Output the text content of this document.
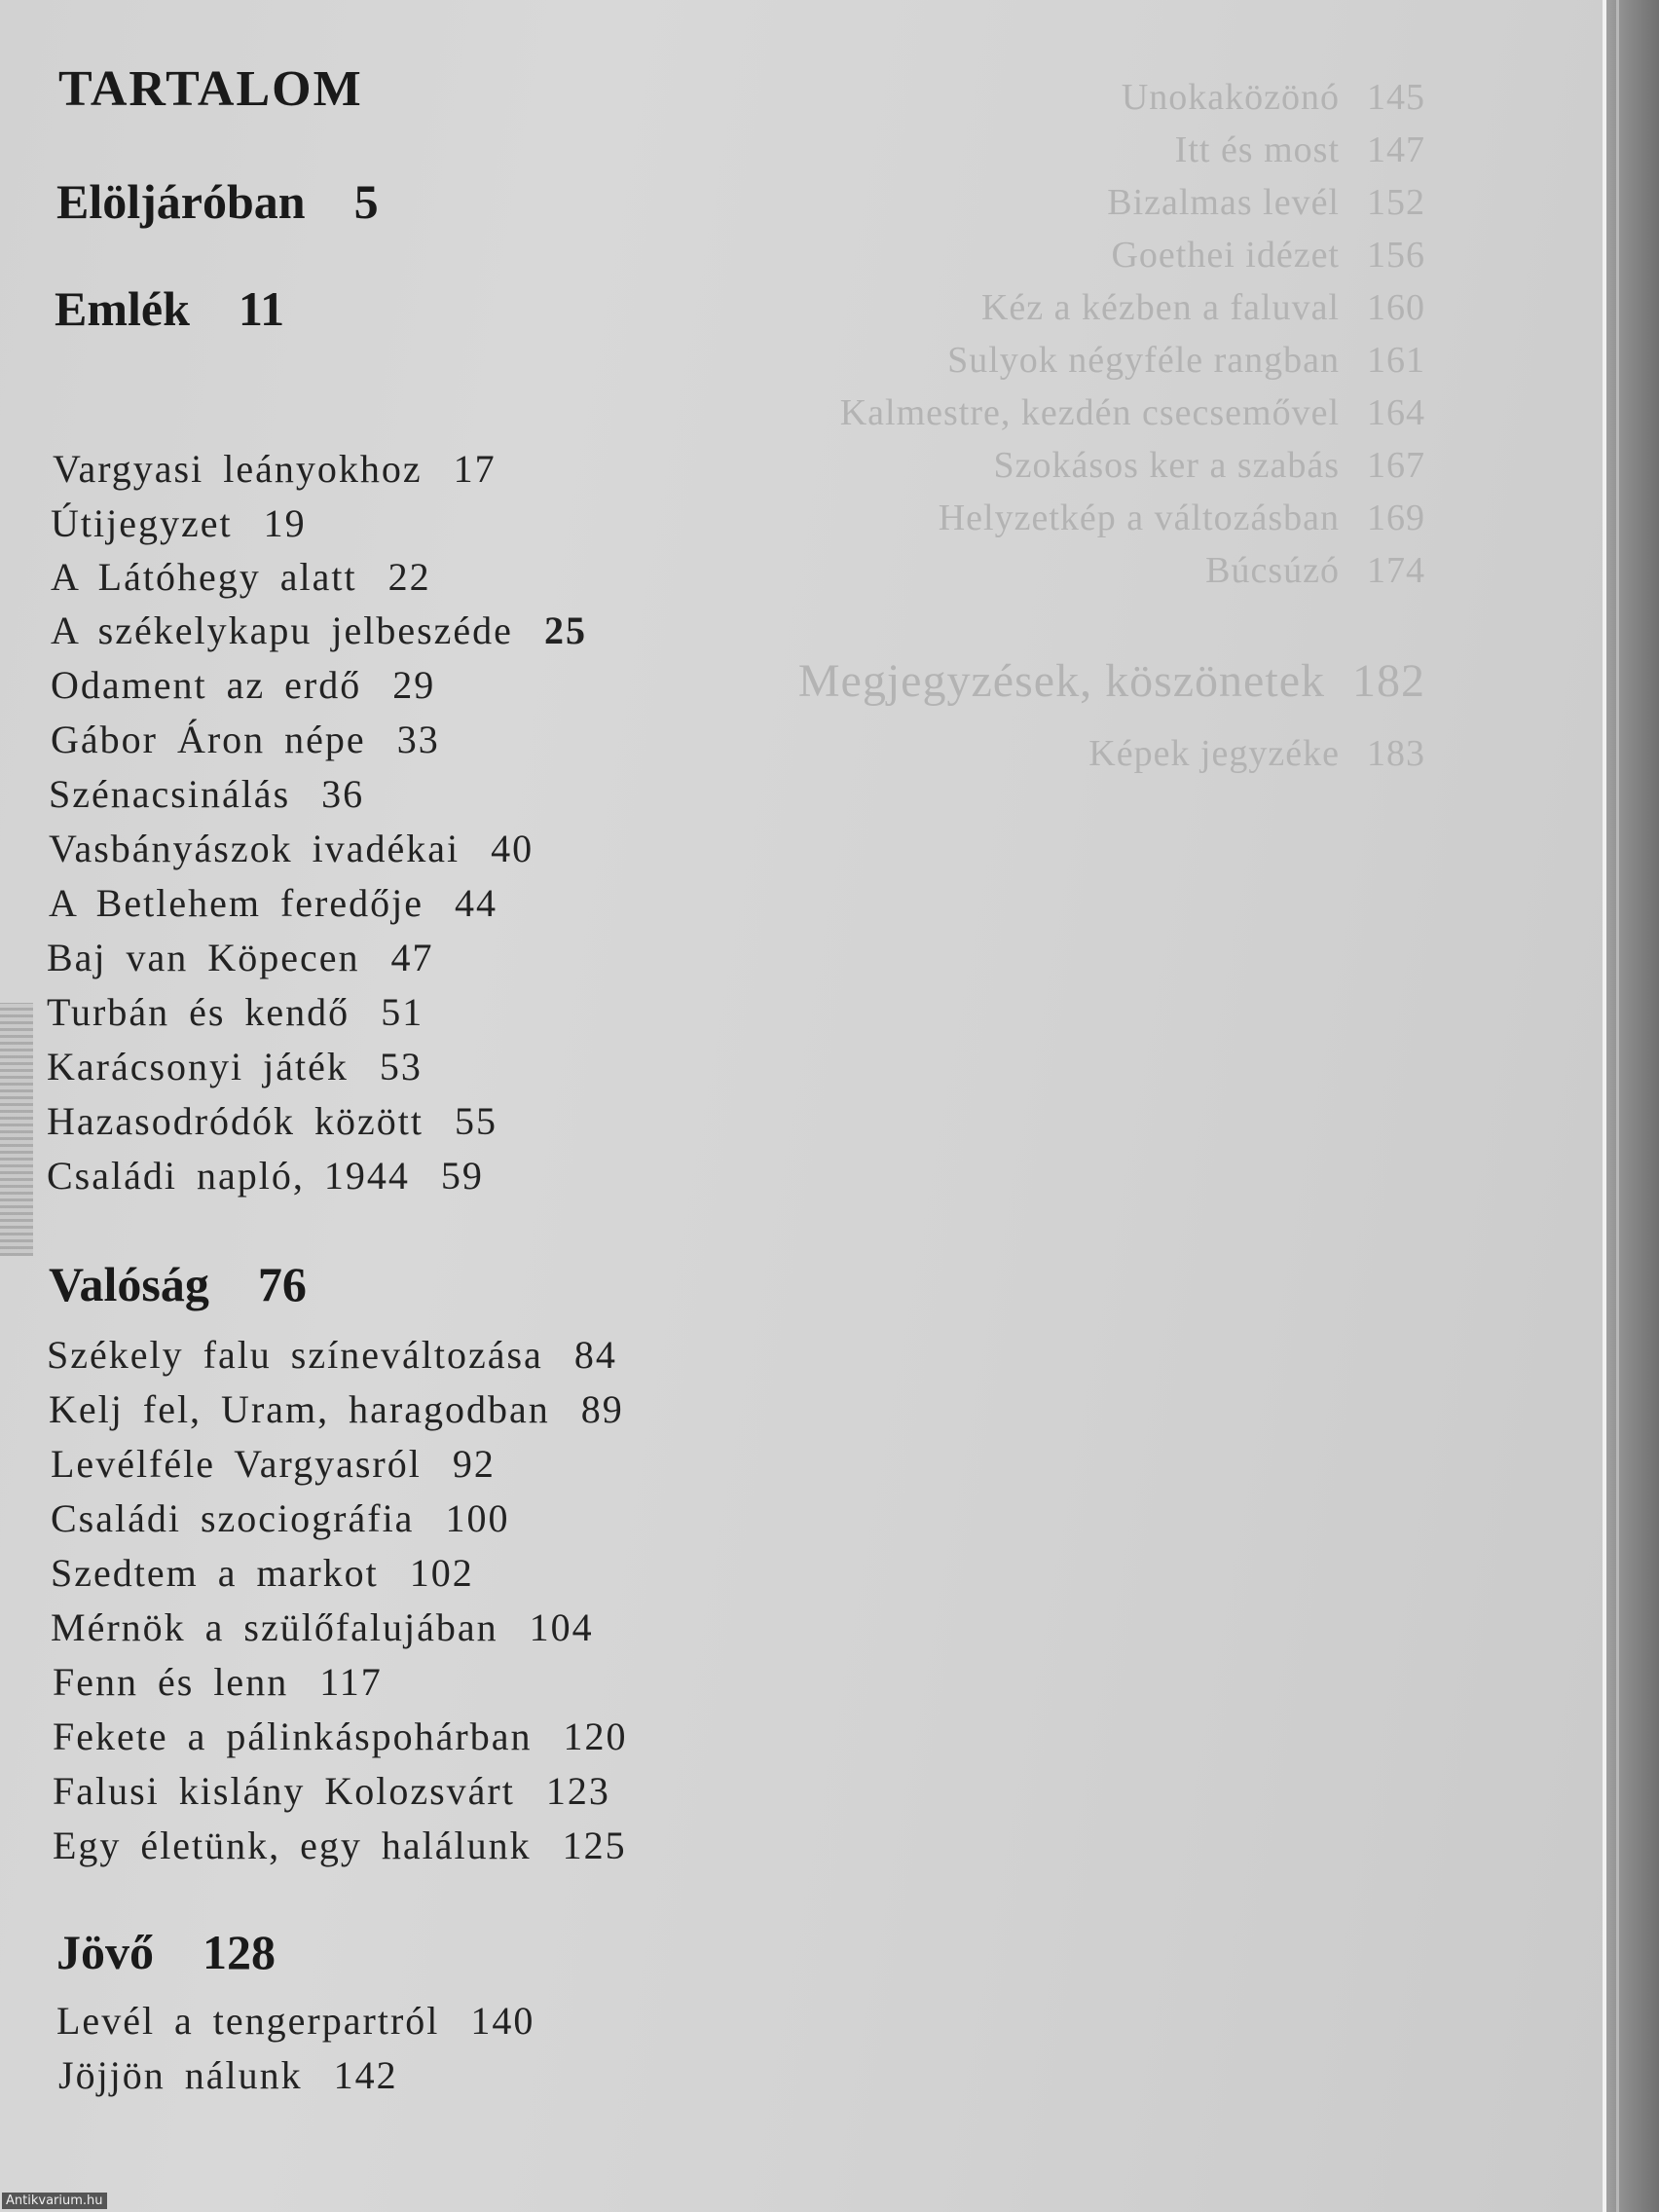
Unokaközönó 145
Itt és most 147
Bizalmas levél 152
Goethei idézet 156
Kéz a kézben a faluval 160
Sulyok négyféle rangban 161
Kalmestre, kezdén csecsemővel 164
Szokásos ker a szabás 167
Helyzetkép a változásban 169
Búcsúzó 174
Megjegyzések, köszönetek 182
Képek jegyzéke 183
TARTALOM
Elöljáróban 5
Emlék 11
Vargyasi leányokhoz 17
Útijegyzet 19
A Látóhegy alatt 22
A székelykapu jelbeszéde 25
Odament az erdő 29
Gábor Áron népe 33
Szénacsinálás 36
Vasbányászok ivadékai 40
A Betlehem feredője 44
Baj van Köpecen 47
Turbán és kendő 51
Karácsonyi játék 53
Hazasodródók között 55
Családi napló, 1944 59
Valóság 76
Székely falu színeváltozása 84
Kelj fel, Uram, haragodban 89
Levélféle Vargyasról 92
Családi szociográfia 100
Szedtem a markot 102
Mérnök a szülőfalujában 104
Fenn és lenn 117
Fekete a pálinkáspohárban 120
Falusi kislány Kolozsvárt 123
Egy életünk, egy halálunk 125
Jövő 128
Levél a tengerpartról 140
Jöjjön nálunk 142
Antikvarium.hu
